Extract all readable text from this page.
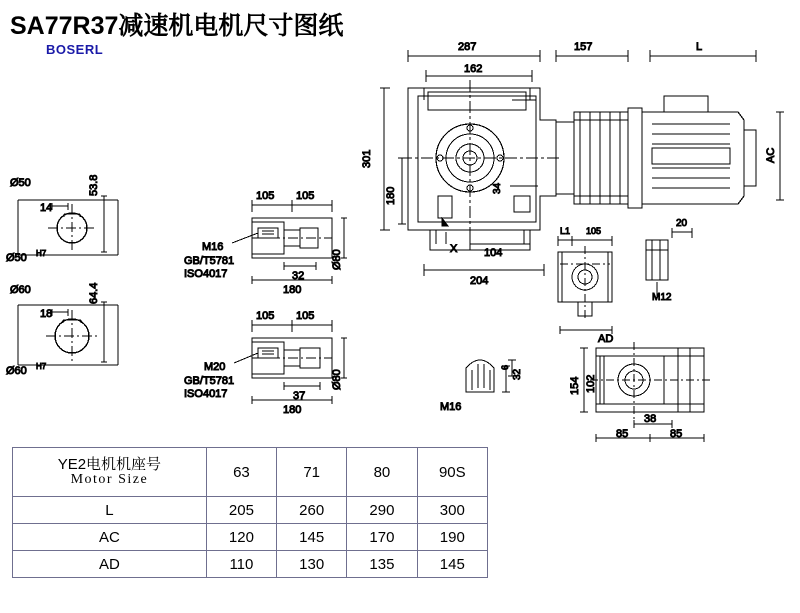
SA77R37减速机电机尺寸图纸
BOSERL
Ø50
14
53.8
Ø50 H7
Ø60
18
64.4
Ø60 H7
105 105
32
180
Ø80
M16
GB/T5781
ISO4017
105 105
37
180
Ø80
M20
GB/T5781
ISO4017
287
162
157	L
301
180	34
AC
X 104
204
L1 105
AD
20
M12
154 102
38
85	85
M16
32
6
YE2电机机座号
Motor Size	63	71	80	90S
L	205	260	290	300
AC	120	145	170	190
AD	110	130	135	145
